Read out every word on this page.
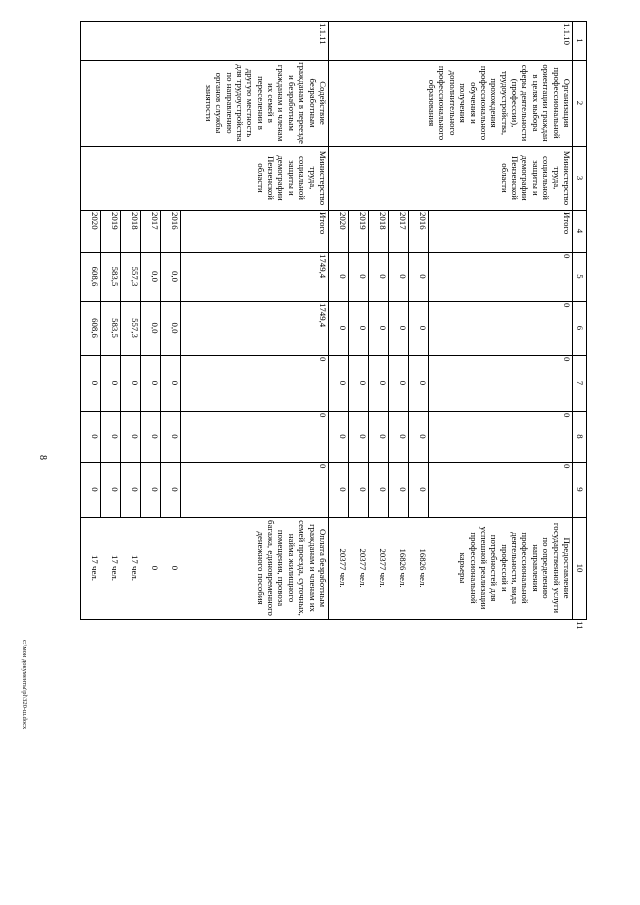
8
c:\мои документы\pl\320-ш.docx
1
2
3
4
5
6
7
8
9
10
11
1.1.10
Организация профессиональной ориентации граждан в целях выбора сферы деятельности (профессии), трудоустройства, прохождения профессионального обучения и получения дополнительного профессионального образования
Министерство труда, социальной защиты и демографии Пензенской области
Итого
0
0
0
0
0
Предоставление государственной услуги по определению направления профессиональной деятельности, вида профессий и потребностей для успешной реализации профессиональной карьеры
2016
0
0
0
0
0
16826 чел.
2017
0
0
0
0
0
16826 чел.
2018
0
0
0
0
0
20377 чел.
2019
0
0
0
0
0
20377 чел.
2020
0
0
0
0
0
20377 чел.
1.1.11
Содействие безработным гражданам в переезде и безработным гражданам и членам их семей в переселении в другую местность для трудоустройства по направлению органов службы занятости
Министерство труда, социальной защиты и демографии Пензенской области
Итого
1749,4
1749,4
0
0
0
Оплата безработным гражданам и членам их семей проезда, суточных, найма жилищного помещения, провоза багажа, единовременного денежного пособия
2016
0,0
0,0
0
0
0
0
2017
0,0
0,0
0
0
0
0
2018
557,3
557,3
0
0
0
17 чел.
2019
583,5
583,5
0
0
0
17 чел.
2020
608,6
608,6
0
0
0
17 чел.
